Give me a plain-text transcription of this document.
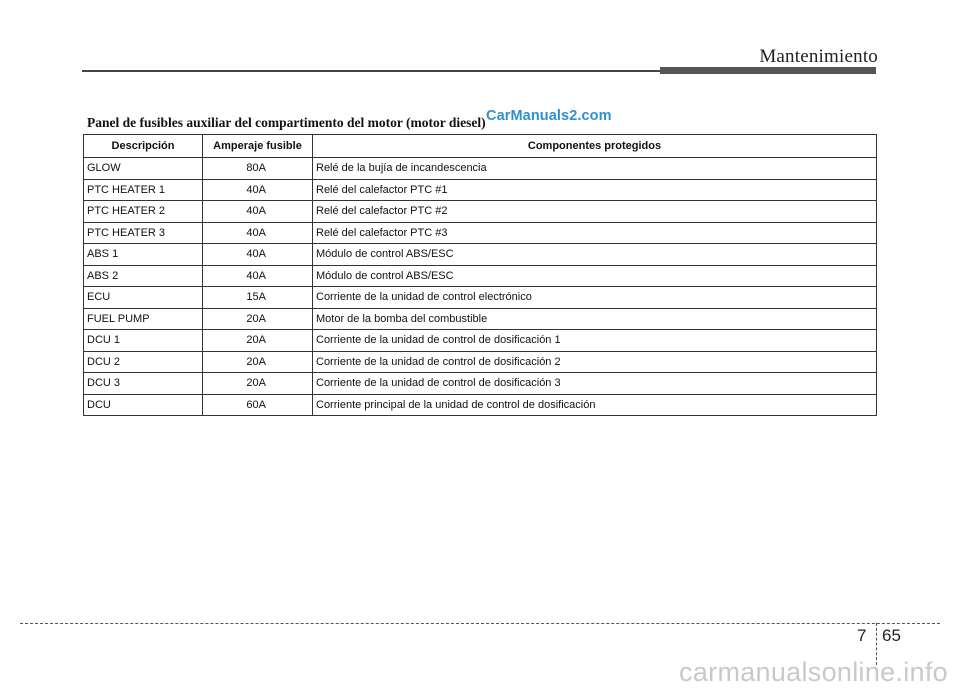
Mantenimiento
Panel de fusibles auxiliar del compartimento del motor (motor diesel) CarManuals2.com
Descripción	Amperaje fusible	Componentes protegidos
GLOW	80A	Relé de la bujía de incandescencia
PTC HEATER 1	40A	Relé del calefactor PTC #1
PTC HEATER 2	40A	Relé del calefactor PTC #2
PTC HEATER 3	40A	Relé del calefactor PTC #3
ABS 1	40A	Módulo de control ABS/ESC
ABS 2	40A	Módulo de control ABS/ESC
ECU	15A	Corriente de la unidad de control electrónico
FUEL PUMP	20A	Motor de la bomba del combustible
DCU 1	20A	Corriente de la unidad de control de dosificación 1
DCU 2	20A	Corriente de la unidad de control de dosificación 2
DCU 3	20A	Corriente de la unidad de control de dosificación 3
DCU	60A	Corriente principal de la unidad de control de dosificación
7 65
carmanualsonline.info
